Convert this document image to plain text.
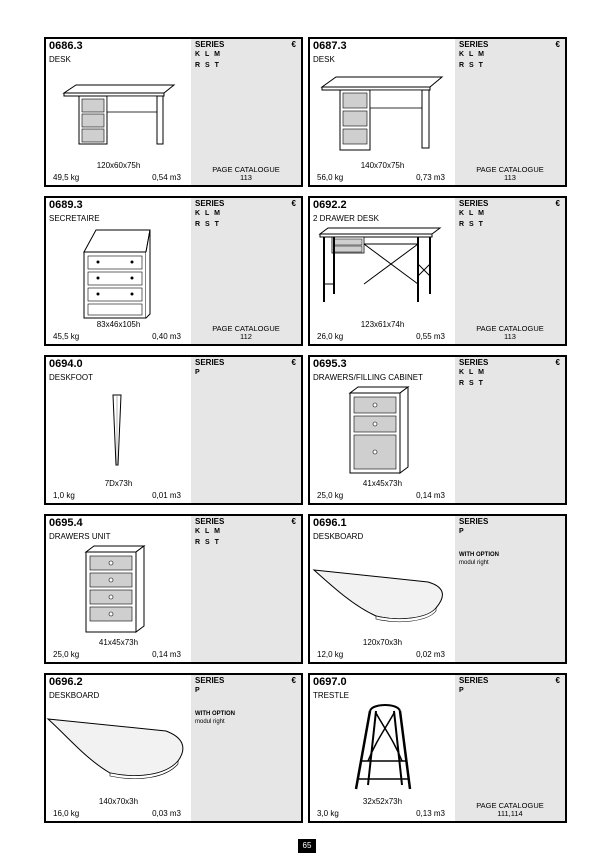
0686.3
DESK
120x60x75h
49,5 kg	0,54 m3
SERIES	€
K L M
R S T
PAGE CATALOGUE
113
0687.3
DESK
140x70x75h
56,0 kg	0,73 m3
SERIES	€
K L M
R S T
PAGE CATALOGUE
113
0689.3
SECRETAIRE
83x46x105h
45,5 kg	0,40 m3
SERIES	€
K L M
R S T
PAGE CATALOGUE
112
0692.2
2 DRAWER DESK
123x61x74h
26,0 kg	0,55 m3
SERIES	€
K L M
R S T
PAGE CATALOGUE
113
0694.0
DESKFOOT
7Dx73h
1,0 kg	0,01 m3
SERIES	€
P
0695.3
DRAWERS/FILLING CABINET
41x45x73h
25,0 kg	0,14 m3
SERIES	€
K L M
R S T
0695.4
DRAWERS UNIT
41x45x73h
25,0 kg	0,14 m3
SERIES	€
K L M
R S T
0696.1
DESKBOARD
120x70x3h
12,0 kg	0,02 m3
SERIES
P
WITH OPTION
modul right
0696.2
DESKBOARD
140x70x3h
16,0 kg	0,03 m3
SERIES	€
P
WITH OPTION
modul right
0697.0
TRESTLE
32x52x73h
3,0 kg	0,13 m3
SERIES	€
P
PAGE CATALOGUE
111,114
65
